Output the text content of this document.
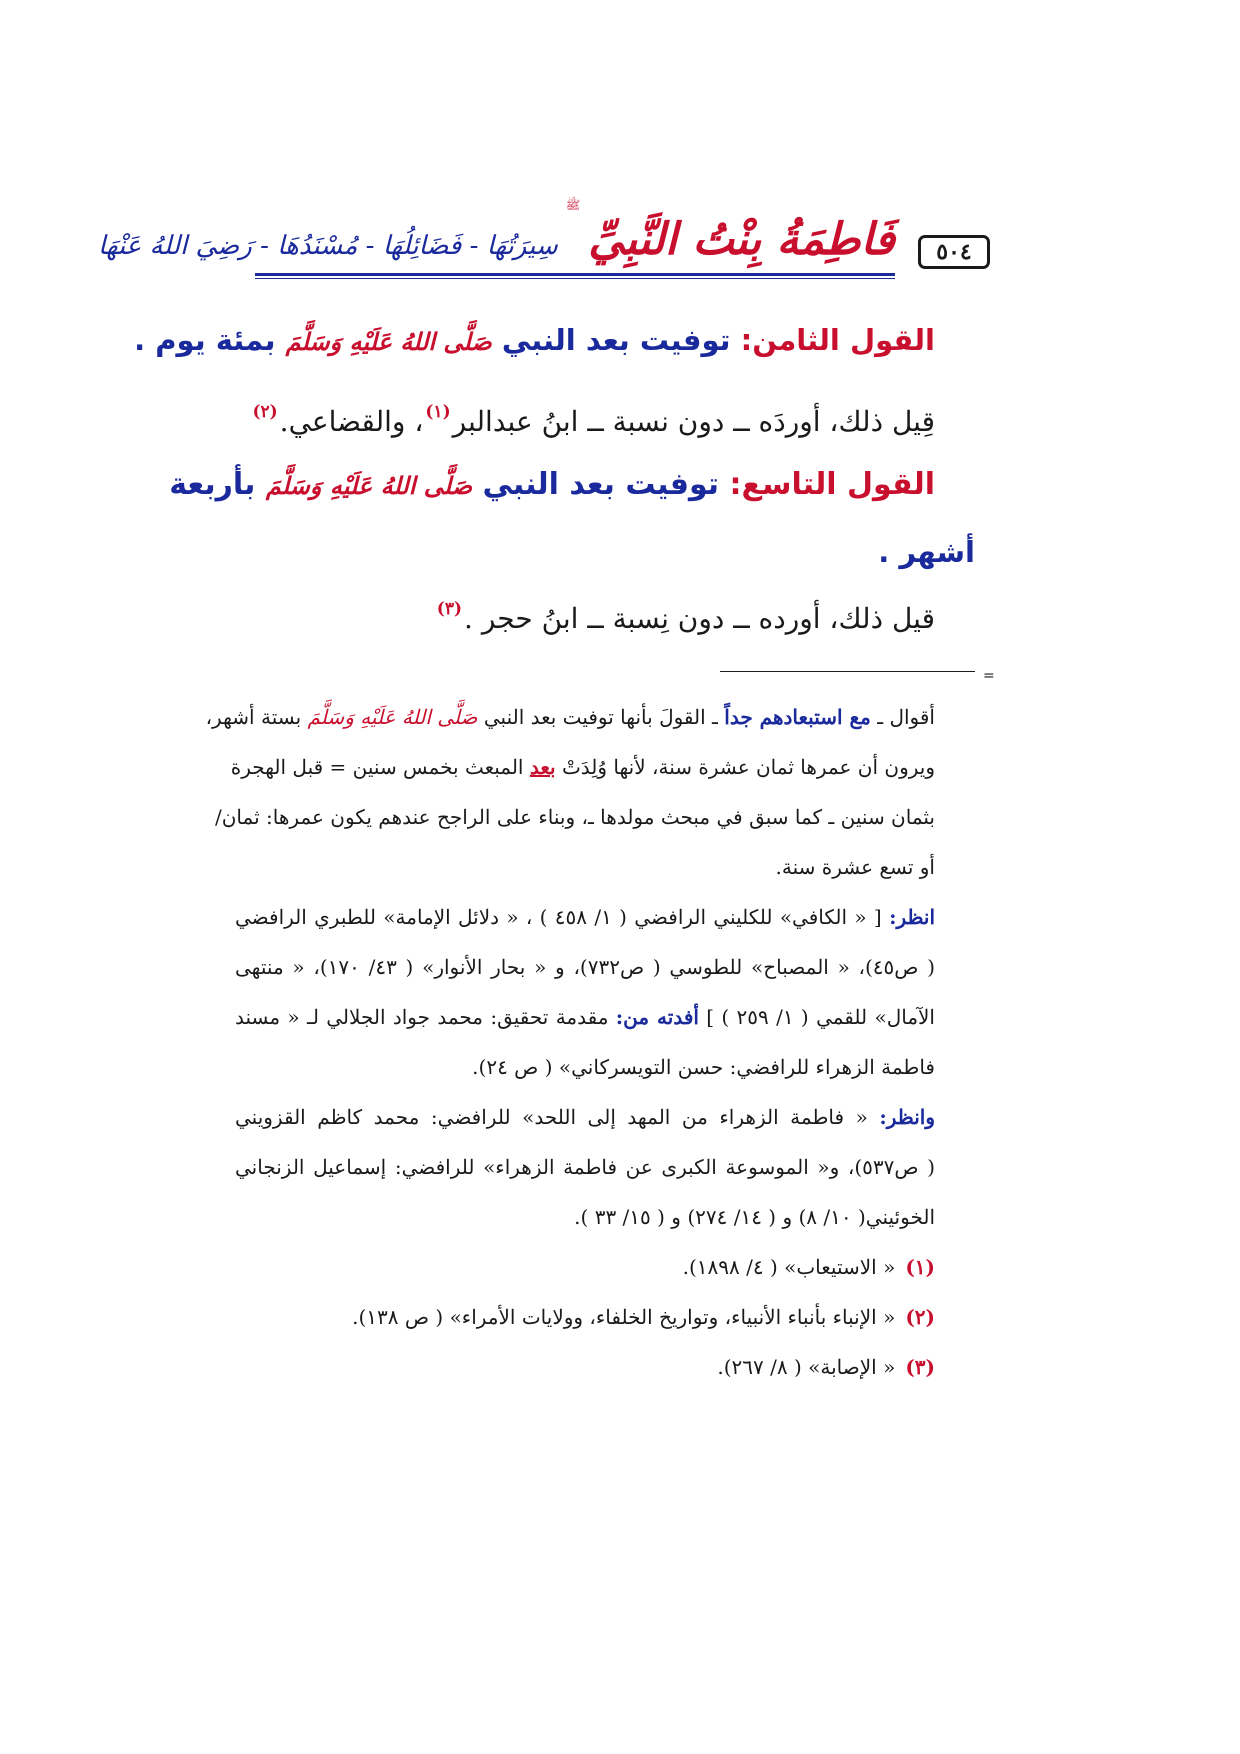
٥٠٤
فَاطِمَةُ بِنْتُ النَّبِيِّ
ﷺ
سِيرَتُهَا - فَضَائِلُهَا - مُسْنَدُهَا - رَضِيَ اللهُ عَنْهَا
القول الثامن: توفيت بعد النبي صَلَّى اللهُ عَلَيْهِ وَسَلَّمَ بمئة يوم .
قِيل ذلك، أوردَه ــ دون نسبة ــ ابنُ عبدالبر$^{(١)}$، والقضاعي.$^{(٢)}$
القول التاسع: توفيت بعد النبي صَلَّى اللهُ عَلَيْهِ وَسَلَّمَ بأربعة
أشهر .
قيل ذلك، أورده ــ دون نِسبة ــ ابنُ حجر .$^{(٣)}$
=
أقوال ـ مع استبعادهم جداً ـ القولَ بأنها توفيت بعد النبي صَلَّى اللهُ عَلَيْهِ وَسَلَّمَ بستة أشهر،
ويرون أن عمرها ثمان عشرة سنة، لأنها وُلِدَتْ بعد المبعث بخمس سنين = قبل الهجرة
بثمان سنين ـ كما سبق في مبحث مولدها ـ، وبناء على الراجح عندهم يكون عمرها: ثمان/
أو تسع عشرة سنة.
انظر: [ « الكافي» للكليني الرافضي ( ١/ ٤٥٨ ) ، « دلائل الإمامة» للطبري الرافضي
( ص٤٥)، « المصباح» للطوسي ( ص٧٣٢)، و « بحار الأنوار» ( ٤٣/ ١٧٠)، « منتهى
الآمال» للقمي ( ١/ ٢٥٩ ) ] أفدته من: مقدمة تحقيق: محمد جواد الجلالي لـ « مسند
فاطمة الزهراء للرافضي: حسن التويسركاني» ( ص ٢٤).
وانظر: « فاطمة الزهراء من المهد إلى اللحد» للرافضي: محمد كاظم القزويني
( ص٥٣٧)، و« الموسوعة الكبرى عن فاطمة الزهراء» للرافضي: إسماعيل الزنجاني
الخوئيني( ١٠/ ٨) و ( ١٤/ ٢٧٤) و ( ١٥/ ٣٣ ).
(١)« الاستيعاب» ( ٤/ ١٨٩٨).
(٢)« الإنباء بأنباء الأنبياء، وتواريخ الخلفاء، وولايات الأمراء» ( ص ١٣٨).
(٣)« الإصابة» ( ٨/ ٢٦٧).
